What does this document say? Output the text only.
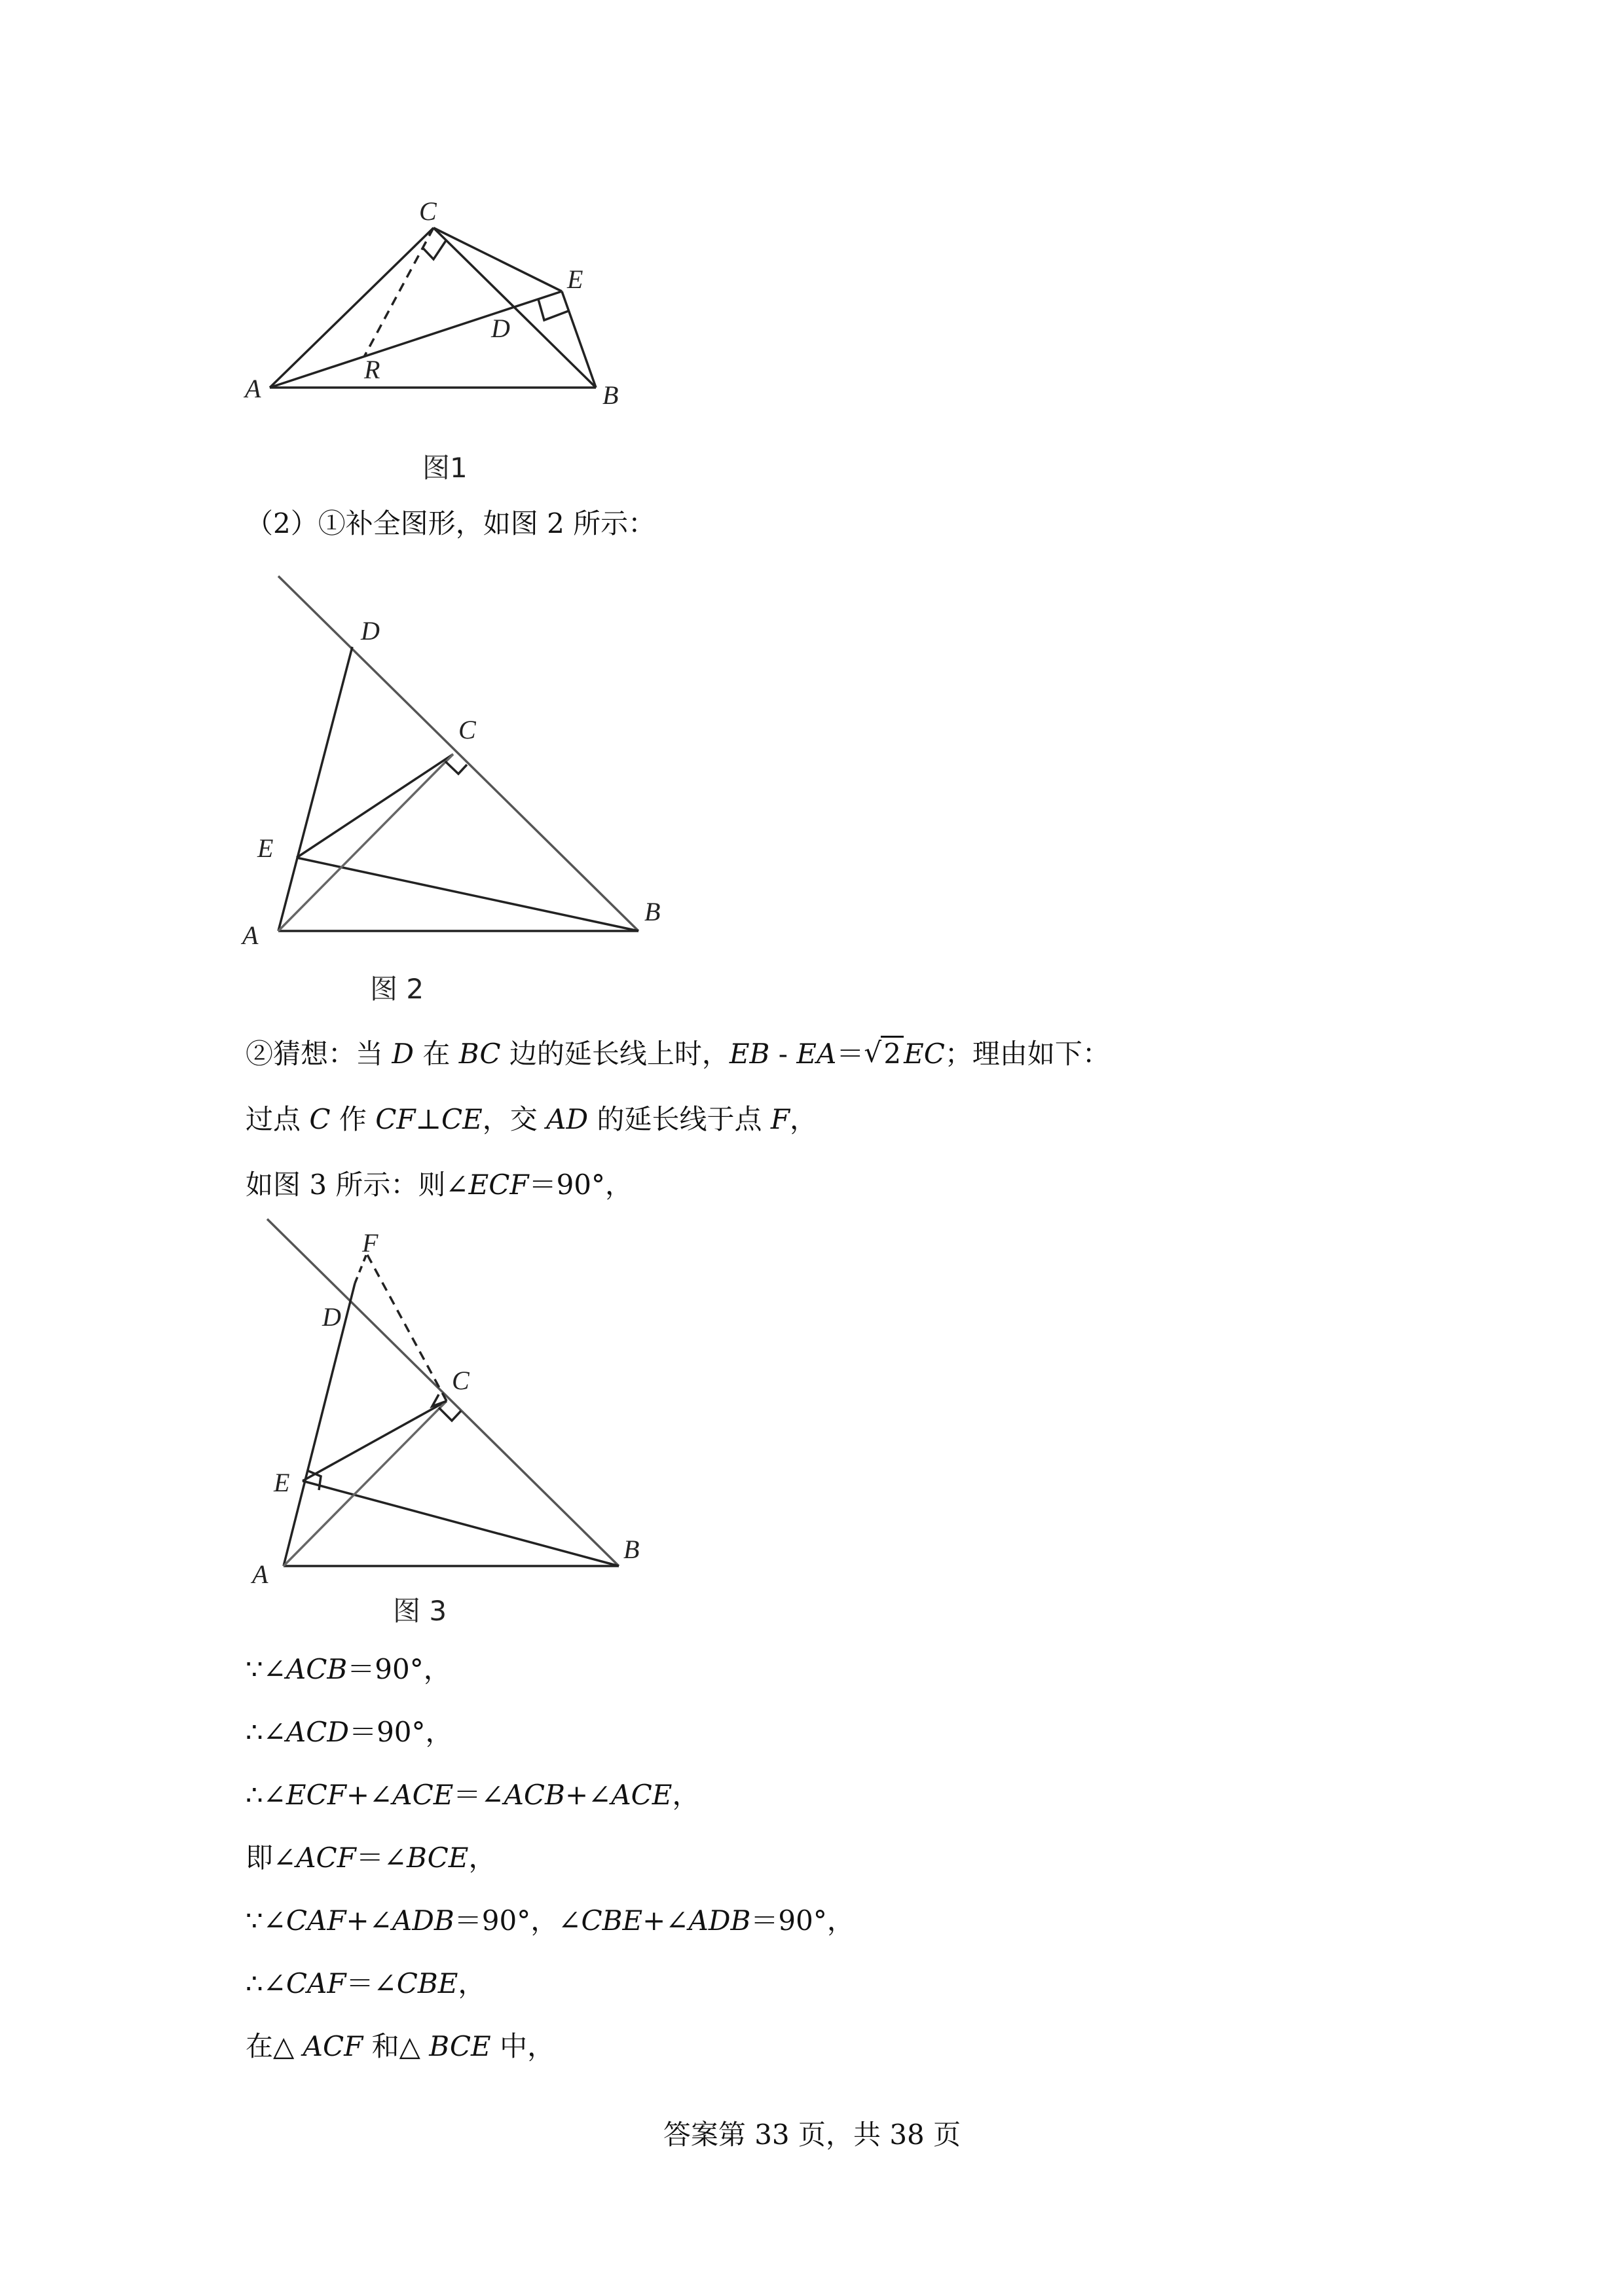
C
E
D
R
A	B
图1
（2）①补全图形，如图 2 所示：
D
C
E
A
B
图 2
②猜想：当 D 在 BC 边的延长线上时，EB - EA＝ √ 2EC；理由如下：
过点 C 作 CF⊥CE，交 AD 的延长线于点 F，
如图 3 所示：则∠ECF＝90°，
F
D
C
E
A
B
图 3
∵∠ACB＝90°，
∴∠ACD＝90°，
∴∠ECF+∠ACE＝∠ACB+∠ACE，
即∠ACF＝∠BCE，
∵∠CAF+∠ADB＝90°，∠CBE+∠ADB＝90°，
∴∠CAF＝∠CBE，
在△ ACF 和△ BCE 中，
答案第 33 页，共 38 页
